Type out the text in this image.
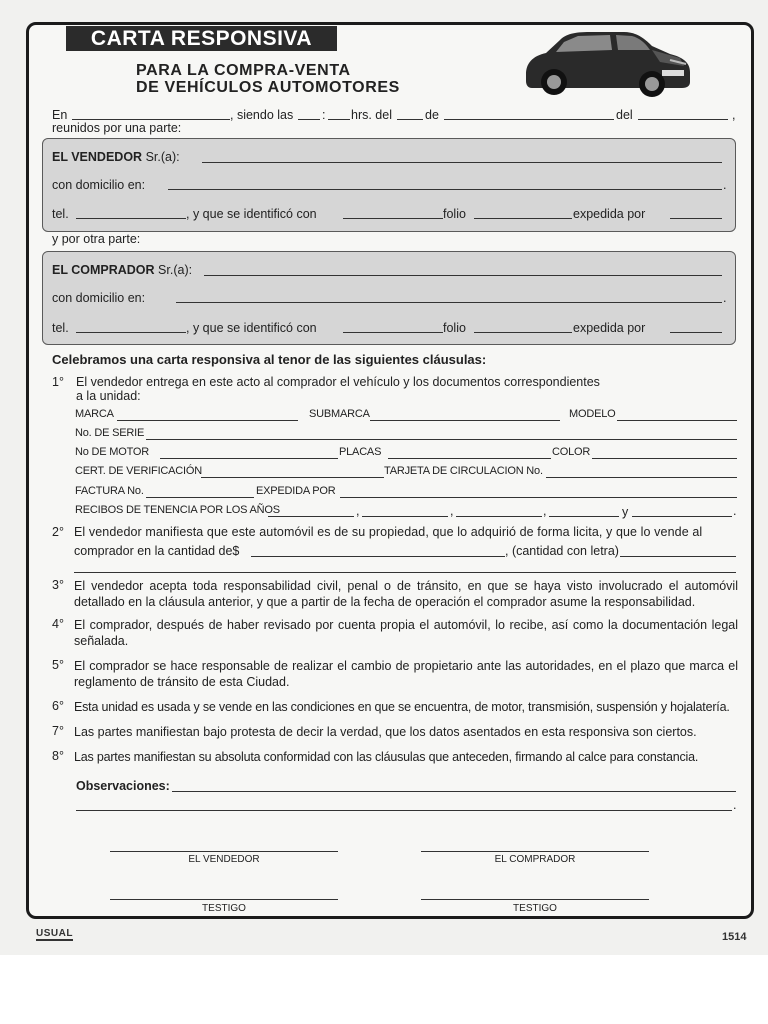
CARTA RESPONSIVA
PARA LA COMPRA-VENTA
DE VEHÍCULOS AUTOMOTORES
En	, siendo las : hrs. del	de	del	,
reunidos por una parte:
EL VENDEDOR Sr.(a):
con domicilio en:	.
tel.	, y que se identificó con	folio	expedida por
y por otra parte:
EL COMPRADOR Sr.(a):
con domicilio en:	.
tel.	, y que se identificó con	folio	expedida por
Celebramos una carta responsiva al tenor de las siguientes cláusulas:
1° El vendedor entrega en este acto al comprador el vehículo y los documentos correspondientes
a la unidad:
MARCA	SUBMARCA	MODELO
No. DE SERIE
No DE MOTOR	PLACAS	COLOR
CERT. DE VERIFICACIÓN	TARJETA DE CIRCULACION No.
FACTURA No.	EXPEDIDA POR
RECIBOS DE TENENCIA POR LOS AÑOS	,	,	,	y	.
2° El vendedor manifiesta que este automóvil es de su propiedad, que lo adquirió de forma licita, y que lo vende al
comprador en la cantidad de$	, (cantidad con letra)
3° El vendedor acepta toda responsabilidad civil, penal o de tránsito, en que se haya visto involucrado el automóvil detallado en la cláusula anterior, y que a partir de la fecha de operación el comprador asume la responsabilidad.
4° El comprador, después de haber revisado por cuenta propia el automóvil, lo recibe, así como la documentación legal señalada.
5° El comprador se hace responsable de realizar el cambio de propietario ante las autoridades, en el plazo que marca el reglamento de tránsito de esta Ciudad.
6° Esta unidad es usada y se vende en las condiciones en que se encuentra, de motor, transmisión, suspensión y hojalatería.
7° Las partes manifiestan bajo protesta de decir la verdad, que los datos asentados en esta responsiva son ciertos.
8° Las partes manifiestan su absoluta conformidad con las cláusulas que anteceden, firmando al calce para constancia.
Observaciones:
.
EL VENDEDOR	EL COMPRADOR
TESTIGO	TESTIGO
USUAL	1514
